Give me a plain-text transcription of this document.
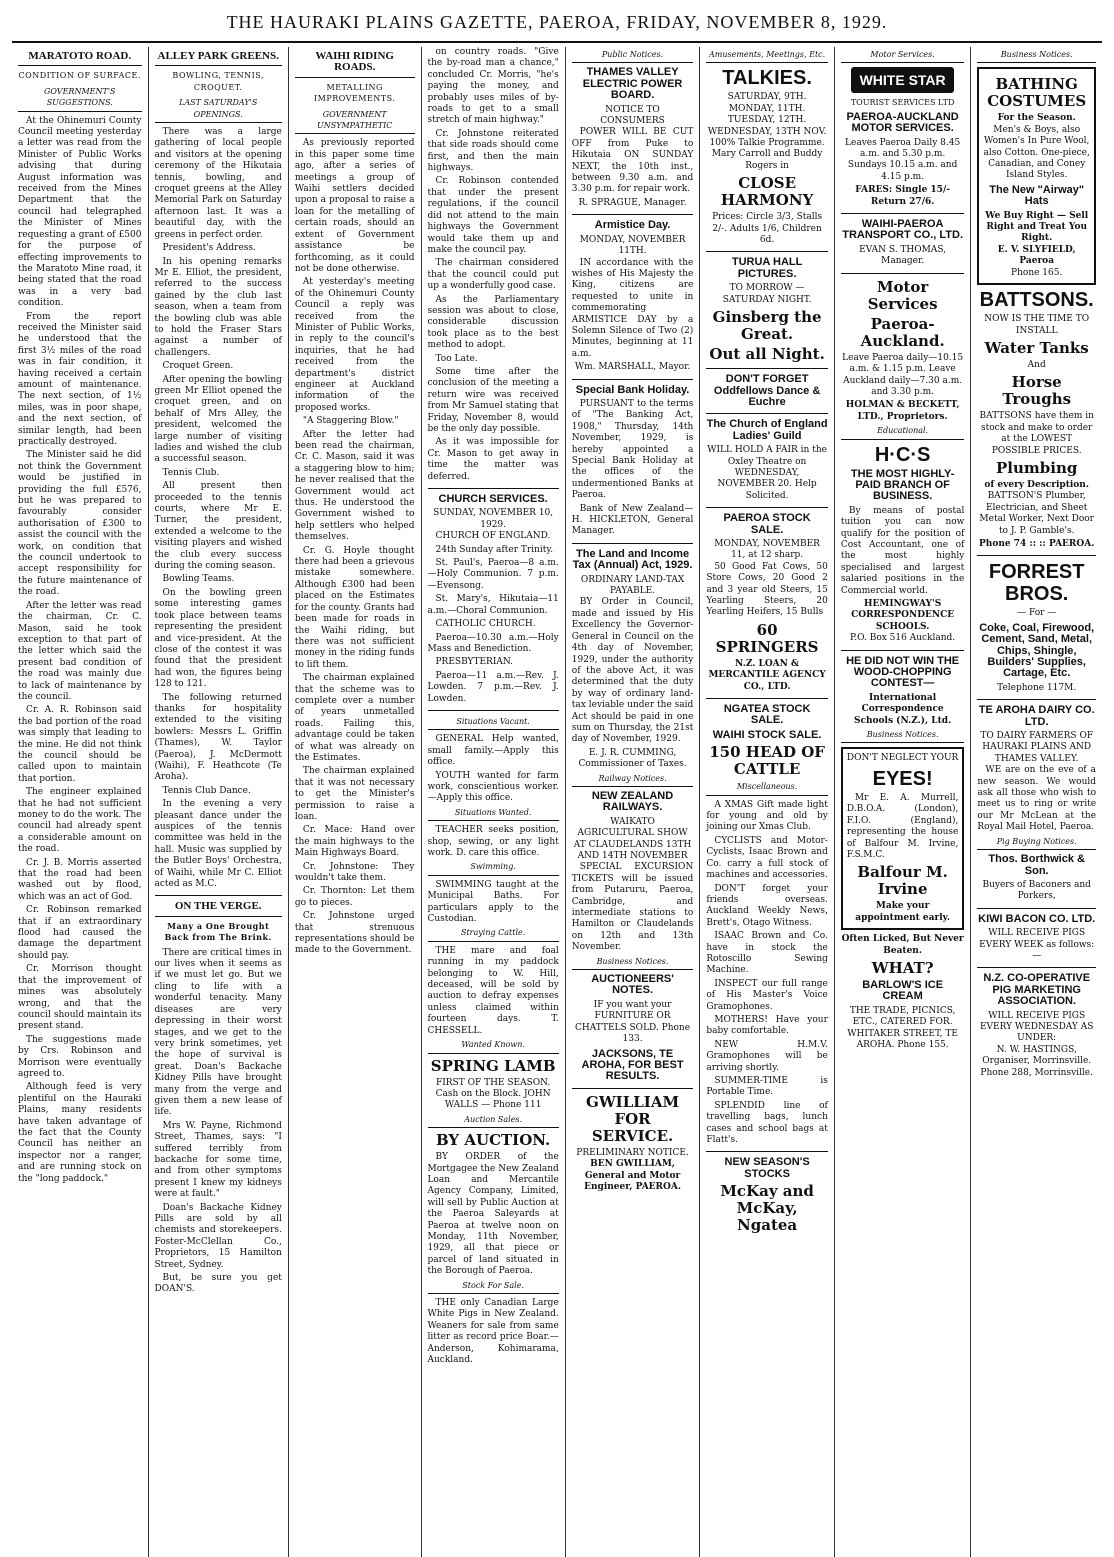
THE HAURAKI PLAINS GAZETTE, PAEROA, FRIDAY, NOVEMBER 8, 1929.
MARATOTO ROAD.
CONDITION OF SURFACE.
GOVERNMENT'S SUGGESTIONS.

At the Ohinemuri County Council meeting yesterday a letter was read from the Minister of Public Works advising that during August information was received from the Mines Department that the council had telegraphed the Minister of Mines requesting a grant of £500 for the purpose of effecting improvements to the Maratoto Mine road, it being stated that the road was in a very bad condition.

From the report received the Minister said he understood that the first 3½ miles of the road was in fair condition, it having received a certain amount of maintenance. The next section, of 1½ miles, was in poor shape, and the next section, of similar length, had been practically destroyed.

The Minister said he did not think the Government would be justified in providing the full £576, but he was prepared to favourably consider authorisation of £300 to assist the council with the work, on condition that the council undertook to accept responsibility for the future maintenance of the road.

After the letter was read the chairman, Cr. C. Mason, said he took exception to that part of the letter which said the present bad condition of the road was mainly due to lack of maintenance by the council.

Cr. A. R. Robinson said the bad portion of the road was simply that leading to the mine. He did not think the council should be called upon to maintain that portion.

The engineer explained that he had not sufficient money to do the work. The council had already spent a considerable amount on the road.

Cr. J. B. Morris asserted that the road had been washed out by flood, which was an act of God.

Cr. Robinson remarked that if an extraordinary flood had caused the damage the department should pay.

Cr. Morrison thought that the improvement of mines was absolutely wrong, and that the council should maintain its present stand.

The suggestions made by Crs. Robinson and Morrison were eventually agreed to.

Although feed is very plentiful on the Hauraki Plains, many residents have taken advantage of the fact that the County Council has neither an inspector nor a ranger, and are running stock on the "long paddock."

ALLEY PARK GREENS.
BOWLING, TENNIS, CROQUET.
LAST SATURDAY'S OPENINGS.

There was a large gathering of local people and visitors at the opening ceremony of the Hikutaia tennis, bowling, and croquet greens at the Alley Memorial Park on Saturday afternoon last. It was a beautiful day, with the greens in perfect order.

President's Address.

In his opening remarks Mr E. Elliot, the president, referred to the success gained by the club last season, when a team from the bowling club was able to hold the Fraser Stars against a number of challengers.

Croquet Green.

After opening the bowling green Mr Elliot opened the croquet green, and on behalf of Mrs Alley, the president, welcomed the large number of visiting ladies and wished the club a successful season.

Tennis Club.

All present then proceeded to the tennis courts, where Mr E. Turner, the president, extended a welcome to the visiting players and wished the club every success during the coming season.

Bowling Teams.

On the bowling green some interesting games took place between teams representing the president and vice-president. At the close of the contest it was found that the president had won, the figures being 128 to 121.

The following returned thanks for hospitality extended to the visiting bowlers: Messrs L. Griffin (Thames), W. Taylor (Paeroa), J. McDermott (Waihi), F. Heathcote (Te Aroha).

Tennis Club Dance.

In the evening a very pleasant dance under the auspices of the tennis committee was held in the hall. Music was supplied by the Butler Boys' Orchestra, of Waihi, while Mr C. Elliot acted as M.C.

ON THE VERGE.
Many a One Brought Back from The Brink.

There are critical times in our lives when it seems as if we must let go. But we cling to life with a wonderful tenacity. Many diseases are very depressing in their worst stages, and we get to the very brink sometimes, yet the hope of survival is great. Doan's Backache Kidney Pills have brought many from the verge and given them a new lease of life.

Mrs W. Payne, Richmond Street, Thames, says: "I suffered terribly from backache for some time, and from other symptoms present I knew my kidneys were at fault."

Doan's Backache Kidney Pills are sold by all chemists and storekeepers. Foster-McClellan Co., Proprietors, 15 Hamilton Street, Sydney.

But, be sure you get DOAN'S.

WAIHI RIDING ROADS.
METALLING IMPROVEMENTS.
GOVERNMENT UNSYMPATHETIC

As previously reported in this paper some time ago, after a series of meetings a group of Waihi settlers decided upon a proposal to raise a loan for the metalling of certain roads, should an extent of Government assistance be forthcoming, as it could not be done otherwise.

At yesterday's meeting of the Ohinemuri County Council a reply was received from the Minister of Public Works, in reply to the council's inquiries, that he had received from the department's district engineer at Auckland information of the proposed works.

"A Staggering Blow."

After the letter had been read the chairman, Cr. C. Mason, said it was a staggering blow to him; he never realised that the Government would act thus. He understood the Government wished to help settlers who helped themselves.

Cr. G. Hoyle thought there had been a grievous mistake somewhere. Although £300 had been placed on the Estimates for the county. Grants had been made for roads in the Waihi riding, but there was not sufficient money in the riding funds to lift them.

The chairman explained that the scheme was to complete over a number of years unmetalled roads. Failing this, advantage could be taken of what was already on the Estimates.

The chairman explained that it was not necessary to get the Minister's permission to raise a loan.

Cr. Mace: Hand over the main highways to the Main Highways Board.

Cr. Johnstone: They wouldn't take them.

Cr. Thornton: Let them go to pieces.

Cr. Johnstone urged that strenuous representations should be made to the Government.

on country roads. "Give the by-road man a chance," concluded Cr. Morris, "he's paying the money, and probably uses miles of by-roads to get to a small stretch of main highway."

Cr. Johnstone reiterated that side roads should come first, and then the main highways.

Cr. Robinson contended that under the present regulations, if the council did not attend to the main highways the Government would take them up and make the council pay.

The chairman considered that the council could put up a wonderfully good case.

As the Parliamentary session was about to close, considerable discussion took place as to the best method to adopt.

Too Late.

Some time after the conclusion of the meeting a return wire was received from Mr Samuel stating that Friday, November 8, would be the only day possible.

As it was impossible for Cr. Mason to get away in time the matter was deferred.

CHURCH SERVICES.
SUNDAY, NOVEMBER 10, 1929.

CHURCH OF ENGLAND.

24th Sunday after Trinity.

St. Paul's, Paeroa—8 a.m.—Holy Communion. 7 p.m.—Evensong.

St. Mary's, Hikutaia—11 a.m.—Choral Communion.

CATHOLIC CHURCH.

Paeroa—10.30 a.m.—Holy Mass and Benediction.

PRESBYTERIAN.

Paeroa—11 a.m.—Rev. J. Lowden. 7 p.m.—Rev. J. Lowden.

Situations Vacant.

GENERAL Help wanted, small family.—Apply this office.

YOUTH wanted for farm work, conscientious worker.—Apply this office.

Situations Wanted.

TEACHER seeks position, shop, sewing, or any light work. D. care this office.

Swimming.

SWIMMING taught at the Municipal Baths. For particulars apply to the Custodian.

Straying Cattle.

THE mare and foal running in my paddock belonging to W. Hill, deceased, will be sold by auction to defray expenses unless claimed within fourteen days. T. CHESSELL.

Wanted Known.
SPRING LAMB

FIRST OF THE SEASON. Cash on the Block. JOHN WALLS — Phone 111

Auction Sales.
BY AUCTION.

BY ORDER of the Mortgagee the New Zealand Loan and Mercantile Agency Company, Limited, will sell by Public Auction at the Paeroa Saleyards at Paeroa at twelve noon on Monday, 11th November, 1929, all that piece or parcel of land situated in the Borough of Paeroa.

Stock For Sale.

THE only Canadian Large White Pigs in New Zealand. Weaners for sale from same litter as record price Boar.—Anderson, Kohimarama, Auckland.

Public Notices.
THAMES VALLEY ELECTRIC POWER BOARD.
NOTICE TO CONSUMERS

POWER WILL BE CUT OFF from Puke to Hikutaia ON SUNDAY NEXT, the 10th inst., between 9.30 a.m. and 3.30 p.m. for repair work.

R. SPRAGUE, Manager.
Armistice Day.
MONDAY, NOVEMBER 11TH.

IN accordance with the wishes of His Majesty the King, citizens are requested to unite in commemorating ARMISTICE DAY by a Solemn Silence of Two (2) Minutes, beginning at 11 a.m.

Wm. MARSHALL, Mayor.
Special Bank Holiday.

PURSUANT to the terms of "The Banking Act, 1908," Thursday, 14th November, 1929, is hereby appointed a Special Bank Holiday at the offices of the undermentioned Banks at Paeroa.

Bank of New Zealand—H. HICKLETON, General Manager.

The Land and Income Tax (Annual) Act, 1929.
ORDINARY LAND-TAX PAYABLE.

BY Order in Council, made and issued by His Excellency the Governor-General in Council on the 4th day of November, 1929, under the authority of the above Act, it was determined that the duty by way of ordinary land-tax leviable under the said Act should be paid in one sum on Thursday, the 21st day of November, 1929.

E. J. R. CUMMING, Commissioner of Taxes.
Railway Notices.
NEW ZEALAND RAILWAYS.
WAIKATO AGRICULTURAL SHOW AT CLAUDELANDS 13TH AND 14TH NOVEMBER

SPECIAL EXCURSION TICKETS will be issued from Putaruru, Paeroa, Cambridge, and intermediate stations to Hamilton or Claudelands on 12th and 13th November.

Business Notices.
AUCTIONEERS' NOTES.

IF you want your FURNITURE OR CHATTELS SOLD. Phone 133.

JACKSONS, TE AROHA, FOR BEST RESULTS.
GWILLIAM FOR SERVICE.
PRELIMINARY NOTICE.
BEN GWILLIAM, General and Motor Engineer, PAEROA.
Amusements, Meetings, Etc.
TALKIES.
SATURDAY, 9TH. MONDAY, 11TH. TUESDAY, 12TH. WEDNESDAY, 13TH NOV.

100% Talkie Programme. Mary Carroll and Buddy Rogers in

CLOSE HARMONY

Prices: Circle 3/3, Stalls 2/-. Adults 1/6, Children 6d.

TURUA HALL PICTURES.
TO MORROW — SATURDAY NIGHT.
Ginsberg the Great.
Out all Night.
DON'T FORGET Oddfellows Dance & Euchre
The Church of England Ladies' Guild

WILL HOLD A FAIR in the Oxley Theatre on WEDNESDAY, NOVEMBER 20. Help Solicited.

PAEROA STOCK SALE.
MONDAY, NOVEMBER 11, at 12 sharp.

50 Good Fat Cows, 50 Store Cows, 20 Good 2 and 3 year old Steers, 15 Yearling Steers, 20 Yearling Heifers, 15 Bulls

60 SPRINGERS
N.Z. LOAN & MERCANTILE AGENCY CO., LTD.
NGATEA STOCK SALE.
WAIHI STOCK SALE.
150 HEAD OF CATTLE
Miscellaneous.

A XMAS Gift made light for young and old by joining our Xmas Club.

CYCLISTS and Motor-Cyclists, Isaac Brown and Co. carry a full stock of machines and accessories.

DON'T forget your friends overseas. Auckland Weekly News, Brett's, Otago Witness.

ISAAC Brown and Co. have in stock the Rotoscillo Sewing Machine.

INSPECT our full range of His Master's Voice Gramophones.

MOTHERS! Have your baby comfortable.

NEW H.M.V. Gramophones will be arriving shortly.

SUMMER-TIME is Portable Time.

SPLENDID line of travelling bags, lunch cases and school bags at Flatt's.

NEW SEASON'S STOCKS
McKay and McKay, Ngatea
Motor Services.
WHITE STAR
TOURIST SERVICES LTD
PAEROA-AUCKLAND MOTOR SERVICES.

Leaves Paeroa Daily 8.45 a.m. and 5.30 p.m. Sundays 10.15 a.m. and 4.15 p.m.

FARES: Single 15/- Return 27/6.
WAIHI-PAEROA TRANSPORT CO., LTD.
EVAN S. THOMAS, Manager.
Motor Services
Paeroa-Auckland.

Leave Paeroa daily—10.15 a.m. & 1.15 p.m. Leave Auckland daily—7.30 a.m. and 3.30 p.m.

HOLMAN & BECKETT, LTD., Proprietors.
Educational.
H·C·S
THE MOST HIGHLY-PAID BRANCH OF BUSINESS.

By means of postal tuition you can now qualify for the position of Cost Accountant, one of the most highly specialised and largest salaried positions in the Commercial world.

HEMINGWAY'S CORRESPONDENCE SCHOOLS.
P.O. Box 516 Auckland.
HE DID NOT WIN THE WOOD-CHOPPING CONTEST—
International Correspondence Schools (N.Z.), Ltd.
Business Notices.
DON'T NEGLECT YOUR
EYES!

Mr E. A. Murrell, D.B.O.A. (London), F.I.O. (England), representing the house of Balfour M. Irvine, F.S.M.C.

Balfour M. Irvine
Make your appointment early.
Often Licked, But Never Beaten.
WHAT?
BARLOW'S ICE CREAM
THE TRADE, PICNICS, ETC., CATERED FOR.
WHITAKER STREET, TE AROHA. Phone 155.
Business Notices.
BATHING COSTUMES
For the Season.

Men's & Boys, also Women's In Pure Wool, also Cotton. One-piece, Canadian, and Coney Island Styles.

The New "Airway" Hats
We Buy Right — Sell Right and Treat You Right.
E. V. SLYFIELD, Paeroa
Phone 165.
BATTSONS.
NOW IS THE TIME TO INSTALL
Water Tanks
And
Horse Troughs

BATTSONS have them in stock and make to order at the LOWEST POSSIBLE PRICES.

Plumbing
of every Description.

BATTSON'S Plumber, Electrician, and Sheet Metal Worker, Next Door to J. P. Gamble's.

Phone 74 :: :: PAEROA.
FORREST BROS.
— For —
Coke, Coal, Firewood, Cement, Sand, Metal, Chips, Shingle, Builders' Supplies, Cartage, Etc.
Telephone 117M.
TE AROHA DAIRY CO. LTD.
TO DAIRY FARMERS OF HAURAKI PLAINS AND THAMES VALLEY.

WE are on the eve of a new season. We would ask all those who wish to meet us to ring or write our Mr McLean at the Royal Mail Hotel, Paeroa.

Pig Buying Notices.
Thos. Borthwick & Son.
Buyers of Baconers and Porkers,
KIWI BACON CO. LTD.
WILL RECEIVE PIGS EVERY WEEK as follows:—
N.Z. CO-OPERATIVE PIG MARKETING ASSOCIATION.
WILL RECEIVE PIGS EVERY WEDNESDAY AS UNDER:
N. W. HASTINGS, Organiser, Morrinsville. Phone 288, Morrinsville.
